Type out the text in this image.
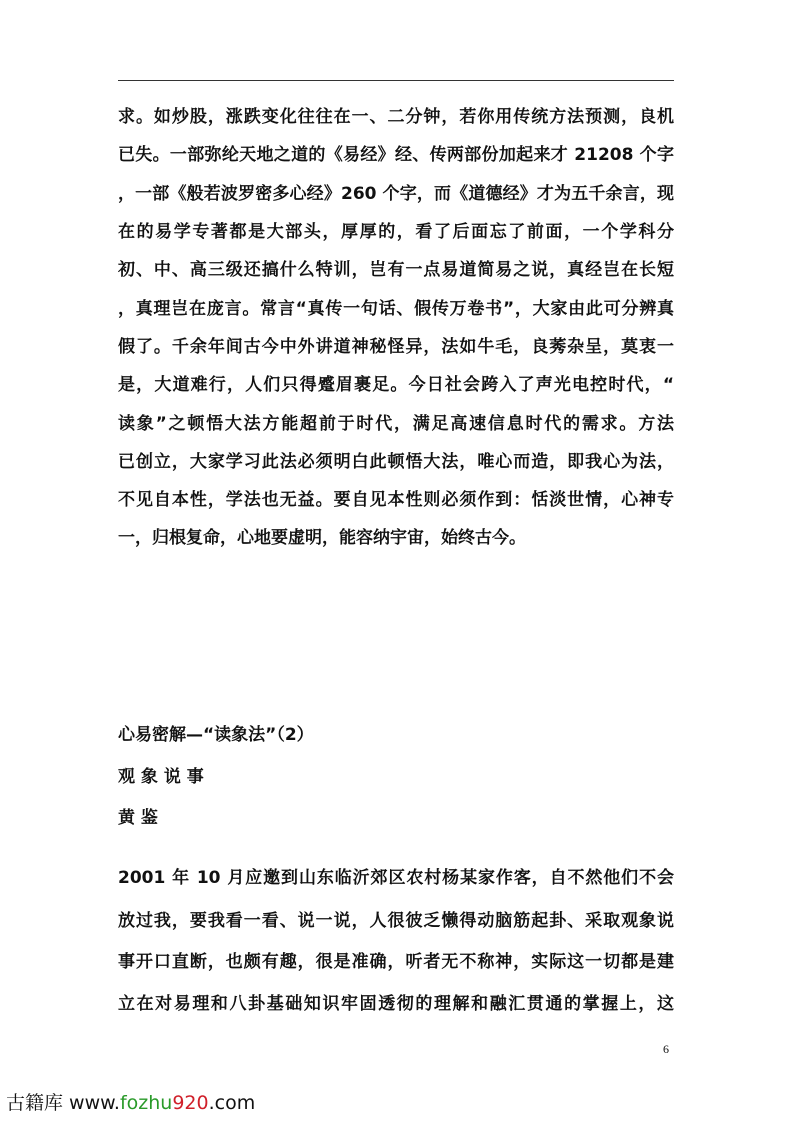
求。如炒股，涨跌变化往往在一、二分钟，若你用传统方法预测，良机
已失。一部弥纶天地之道的《易经》经、传两部份加起来才 21208 个字
，一部《般若波罗密多心经》260 个字，而《道德经》才为五千余言，现
在的易学专著都是大部头，厚厚的，看了后面忘了前面，一个学科分
初、中、高三级还搞什么特训，岂有一点易道简易之说，真经岂在长短
，真理岂在庞言。常言“真传一句话、假传万卷书”，大家由此可分辨真
假了。千余年间古今中外讲道神秘怪异，法如牛毛，良莠杂呈，莫衷一
是，大道难行，人们只得蹙眉裹足。今日社会跨入了声光电控时代，“
读象”之顿悟大法方能超前于时代，满足高速信息时代的需求。方法
已创立，大家学习此法必须明白此顿悟大法，唯心而造，即我心为法，
不见自本性，学法也无益。要自见本性则必须作到：恬淡世情，心神专
一，归根复命，心地要虚明，能容纳宇宙，始终古今。
心易密解—“读象法”（2）
观 象 说 事
黄 鉴
2001 年 10 月应邀到山东临沂郊区农村杨某家作客，自不然他们不会
放过我，要我看一看、说一说，人很彼乏懒得动脑筋起卦、采取观象说
事开口直断，也颇有趣，很是准确，听者无不称神，实际这一切都是建
立在对易理和八卦基础知识牢固透彻的理解和融汇贯通的掌握上，这
6
古籍库 www.fozhu920.com
